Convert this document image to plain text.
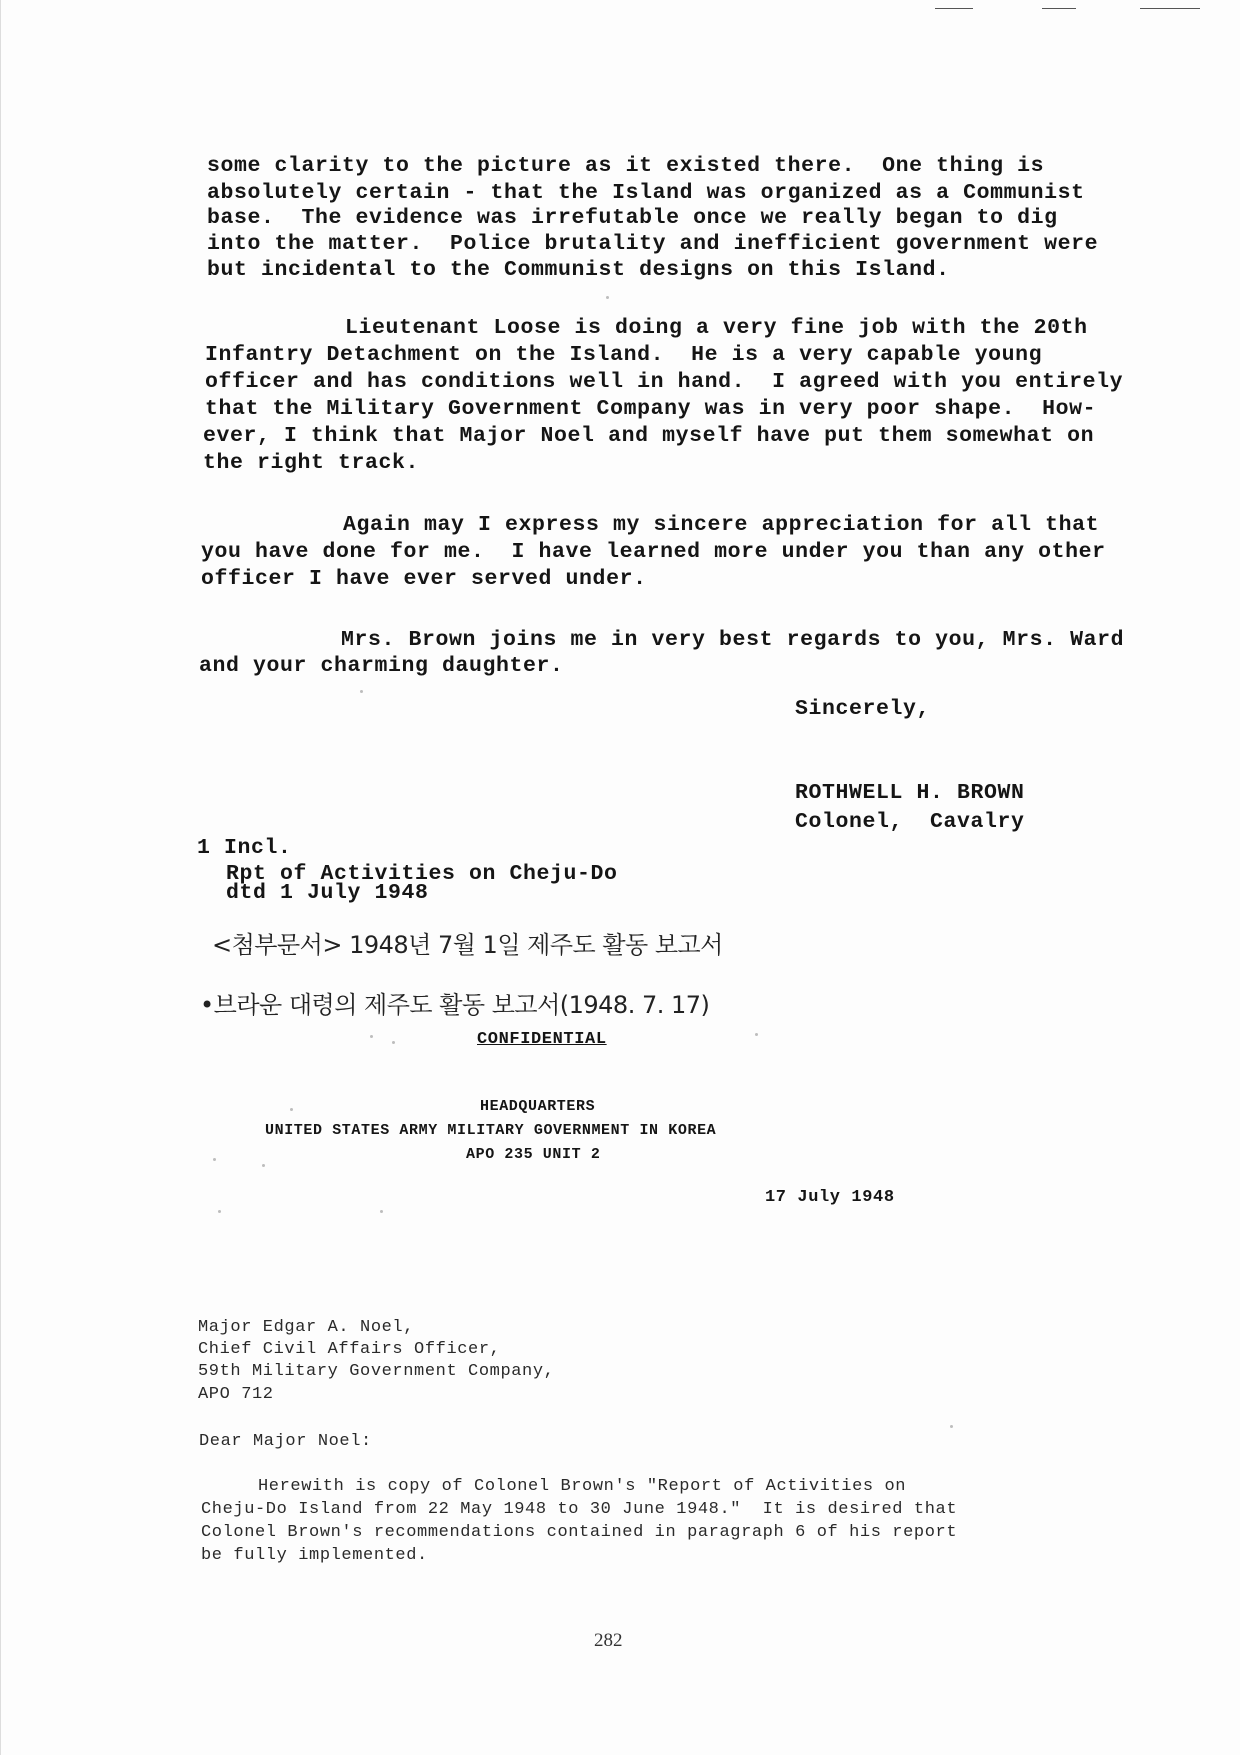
some clarity to the picture as it existed there.  One thing is
absolutely certain - that the Island was organized as a Communist
base.  The evidence was irrefutable once we really began to dig
into the matter.  Police brutality and inefficient government were
but incidental to the Communist designs on this Island.
Lieutenant Loose is doing a very fine job with the 20th
Infantry Detachment on the Island.  He is a very capable young
officer and has conditions well in hand.  I agreed with you entirely
that the Military Government Company was in very poor shape.  How-
ever, I think that Major Noel and myself have put them somewhat on
the right track.
Again may I express my sincere appreciation for all that
you have done for me.  I have learned more under you than any other
officer I have ever served under.
Mrs. Brown joins me in very best regards to you, Mrs. Ward
and your charming daughter.
Sincerely,
ROTHWELL H. BROWN
Colonel,  Cavalry
1 Incl.
Rpt of Activities on Cheju-Do
dtd 1 July 1948
<첨부문서> 1948년 7월 1일 제주도 활동 보고서
•브라운 대령의 제주도 활동 보고서(1948. 7. 17)
CONFIDENTIAL
HEADQUARTERS
UNITED STATES ARMY MILITARY GOVERNMENT IN KOREA
APO 235 UNIT 2
17 July 1948
Major Edgar A. Noel,
Chief Civil Affairs Officer,
59th Military Government Company,
APO 712
Dear Major Noel:
Herewith is copy of Colonel Brown's "Report of Activities on
Cheju-Do Island from 22 May 1948 to 30 June 1948."  It is desired that
Colonel Brown's recommendations contained in paragraph 6 of his report
be fully implemented.
282
